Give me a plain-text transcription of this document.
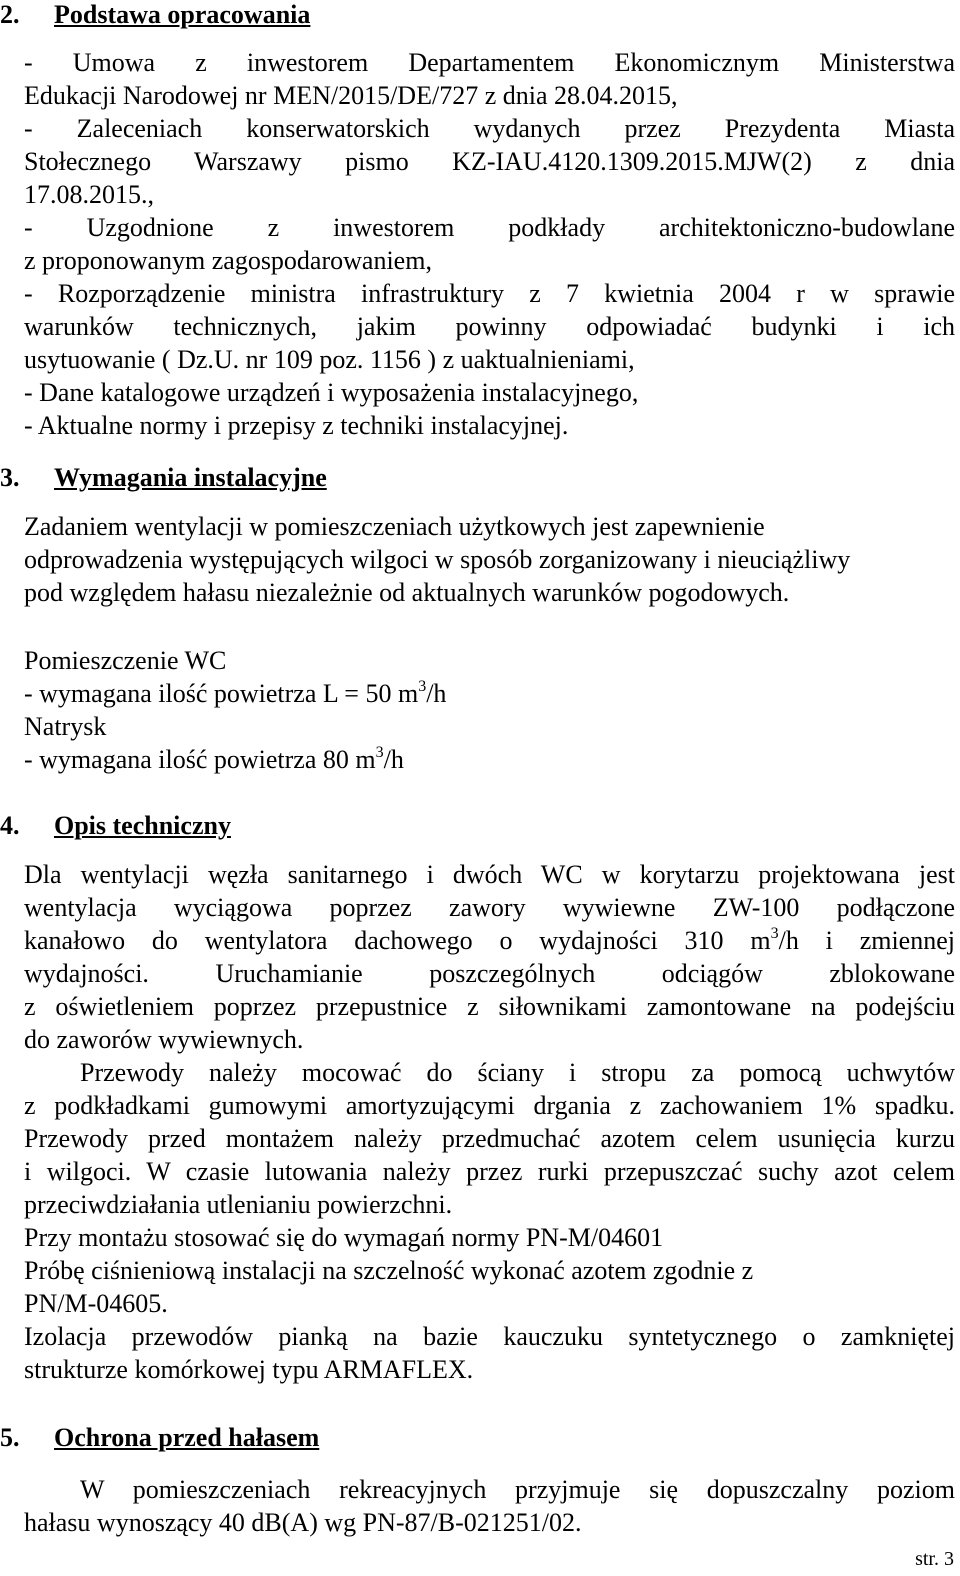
2. Podstawa opracowania
- Umowa z inwestorem Departamentem Ekonomicznym Ministerstwa
Edukacji Narodowej nr MEN/2015/DE/727 z dnia 28.04.2015,
- Zaleceniach konserwatorskich wydanych przez Prezydenta Miasta
Stołecznego Warszawy pismo KZ-IAU.4120.1309.2015.MJW(2) z dnia
17.08.2015.,
- Uzgodnione z inwestorem podkłady architektoniczno-budowlane
z proponowanym zagospodarowaniem,
- Rozporządzenie ministra infrastruktury z 7 kwietnia 2004 r w sprawie
warunków technicznych, jakim powinny odpowiadać budynki i ich
usytuowanie ( Dz.U. nr 109 poz. 1156 ) z uaktualnieniami,
- Dane katalogowe urządzeń i wyposażenia instalacyjnego,
- Aktualne normy i przepisy z techniki instalacyjnej.
3. Wymagania instalacyjne
Zadaniem wentylacji w pomieszczeniach użytkowych jest zapewnienie
odprowadzenia występujących wilgoci w sposób zorganizowany i nieuciążliwy
pod względem hałasu niezależnie od aktualnych warunków pogodowych.
Pomieszczenie WC
- wymagana ilość powietrza L = 50 $m^3/h$
Natrysk
- wymagana ilość powietrza 80 $m^3/h$
4. Opis techniczny
Dla wentylacji węzła sanitarnego i dwóch WC w korytarzu projektowana jest
wentylacja wyciągowa poprzez zawory wywiewne ZW-100 podłączone
kanałowo do wentylatora dachowego o wydajności 310 $m^3/h$ i zmiennej
wydajności. Uruchamianie poszczególnych odciągów zblokowane
z oświetleniem poprzez przepustnice z siłownikami zamontowane na podejściu
do zaworów wywiewnych.
Przewody należy mocować do ściany i stropu za pomocą uchwytów
z podkładkami gumowymi amortyzującymi drgania z zachowaniem 1% spadku.
Przewody przed montażem należy przedmuchać azotem celem usunięcia kurzu
i wilgoci. W czasie lutowania należy przez rurki przepuszczać suchy azot celem
przeciwdziałania utlenianiu powierzchni.
Przy montażu stosować się do wymagań normy PN-M/04601
Próbę ciśnieniową instalacji na szczelność wykonać azotem zgodnie z
PN/M-04605.
Izolacja przewodów pianką na bazie kauczuku syntetycznego o zamkniętej
strukturze komórkowej typu ARMAFLEX.
5. Ochrona przed hałasem
W pomieszczeniach rekreacyjnych przyjmuje się dopuszczalny poziom
hałasu wynoszący 40 dB(A) wg PN-87/B-021251/02.
str. 3
